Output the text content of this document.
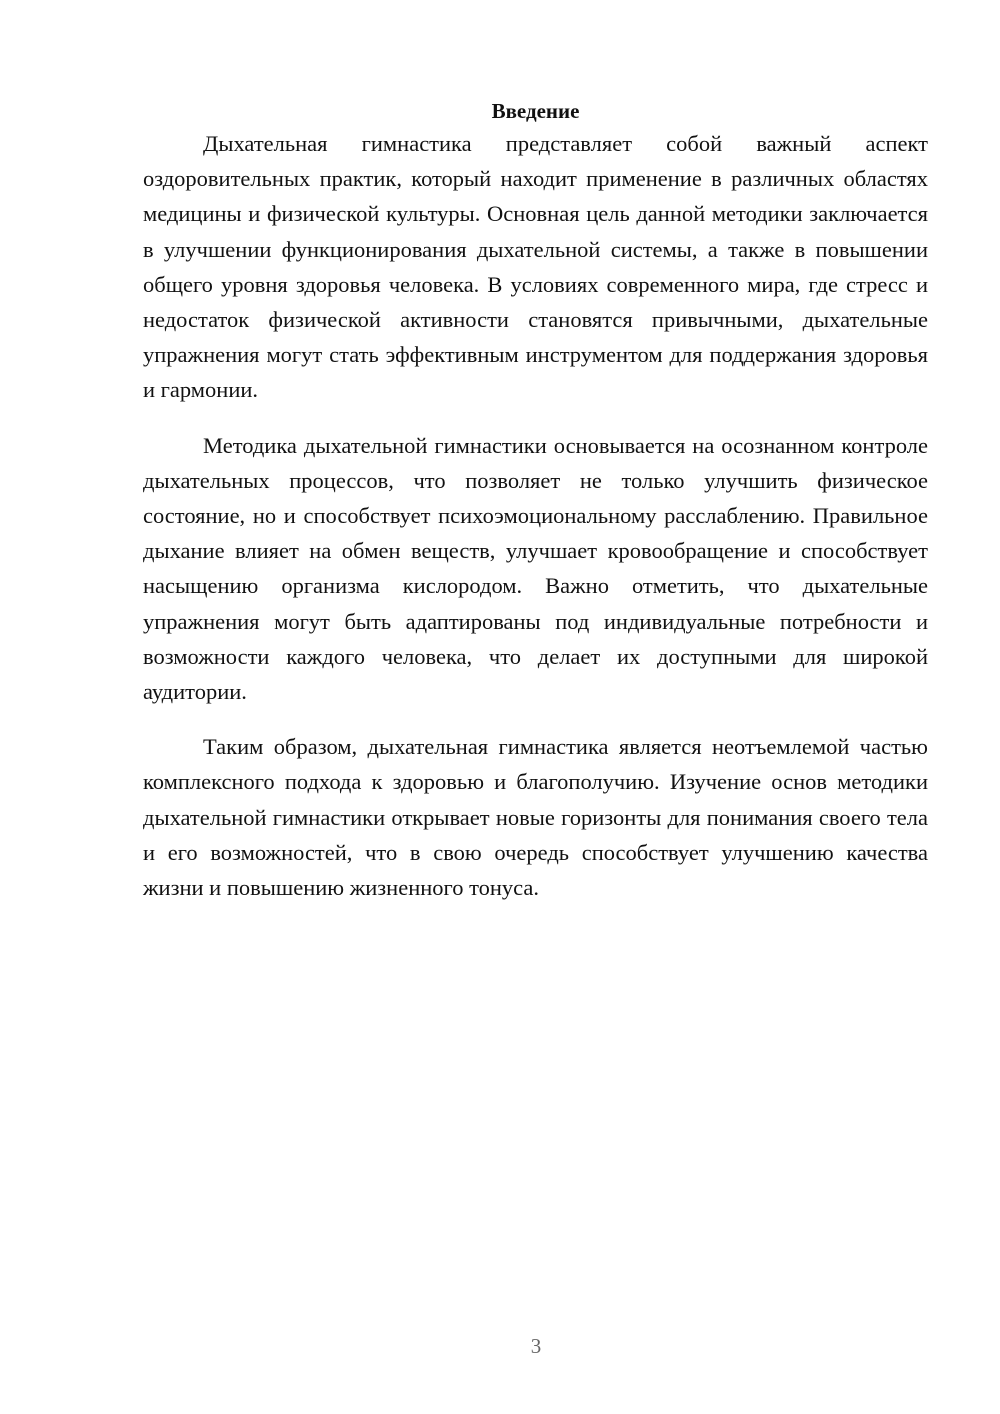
Введение

Дыхательная гимнастика представляет собой важный аспект оздоровительных практик, который находит применение в различных областях медицины и физической культуры. Основная цель данной методики заключается в улучшении функционирования дыхательной системы, а также в повышении общего уровня здоровья человека. В условиях современного мира, где стресс и недостаток физической активности становятся привычными, дыхательные упражнения могут стать эффективным инструментом для поддержания здоровья и гармонии.

Методика дыхательной гимнастики основывается на осознанном контроле дыхательных процессов, что позволяет не только улучшить физическое состояние, но и способствует психоэмоциональному расслаблению. Правильное дыхание влияет на обмен веществ, улучшает кровообращение и способствует насыщению организма кислородом. Важно отметить, что дыхательные упражнения могут быть адаптированы под индивидуальные потребности и возможности каждого человека, что делает их доступными для широкой аудитории.

Таким образом, дыхательная гимнастика является неотъемлемой частью комплексного подхода к здоровью и благополучию. Изучение основ методики дыхательной гимнастики открывает новые горизонты для понимания своего тела и его возможностей, что в свою очередь способствует улучшению качества жизни и повышению жизненного тонуса.

3
